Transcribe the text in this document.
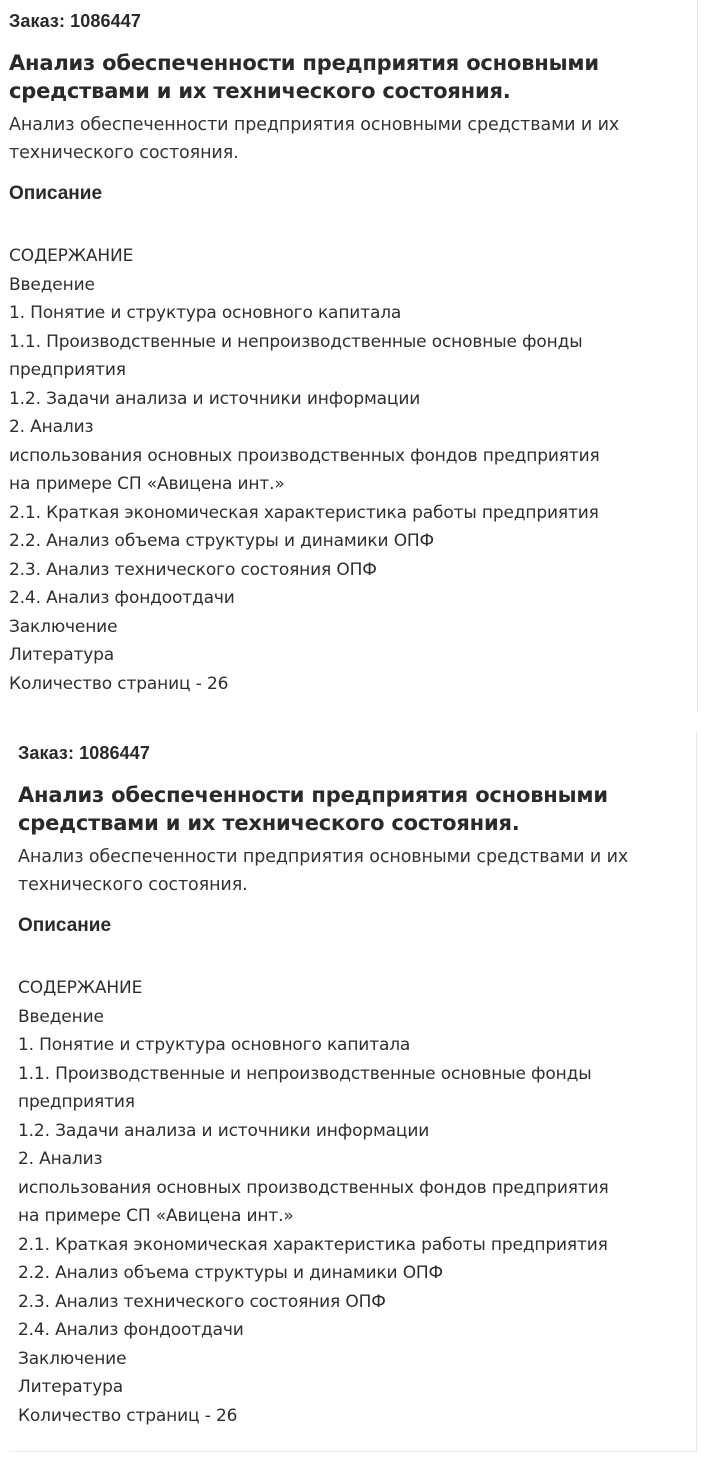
Заказ: 1086447
Анализ обеспеченности предприятия основными средствами и их технического состояния.
Анализ обеспеченности предприятия основными средствами и их технического состояния.
Описание
СОДЕРЖАНИЕ
Введение
1. Понятие и структура основного капитала
1.1. Производственные и непроизводственные основные фонды
предприятия
1.2. Задачи анализа и источники информации
2. Анализ
использования основных производственных фондов предприятия
на примере СП «Авицена инт.»
2.1. Краткая экономическая характеристика работы предприятия
2.2. Анализ объема структуры и динамики ОПФ
2.3. Анализ технического состояния ОПФ
2.4. Анализ фондоотдачи
Заключение
Литература
Количество страниц - 26
Заказ: 1086447
Анализ обеспеченности предприятия основными средствами и их технического состояния.
Анализ обеспеченности предприятия основными средствами и их технического состояния.
Описание
СОДЕРЖАНИЕ
Введение
1. Понятие и структура основного капитала
1.1. Производственные и непроизводственные основные фонды
предприятия
1.2. Задачи анализа и источники информации
2. Анализ
использования основных производственных фондов предприятия
на примере СП «Авицена инт.»
2.1. Краткая экономическая характеристика работы предприятия
2.2. Анализ объема структуры и динамики ОПФ
2.3. Анализ технического состояния ОПФ
2.4. Анализ фондоотдачи
Заключение
Литература
Количество страниц - 26
